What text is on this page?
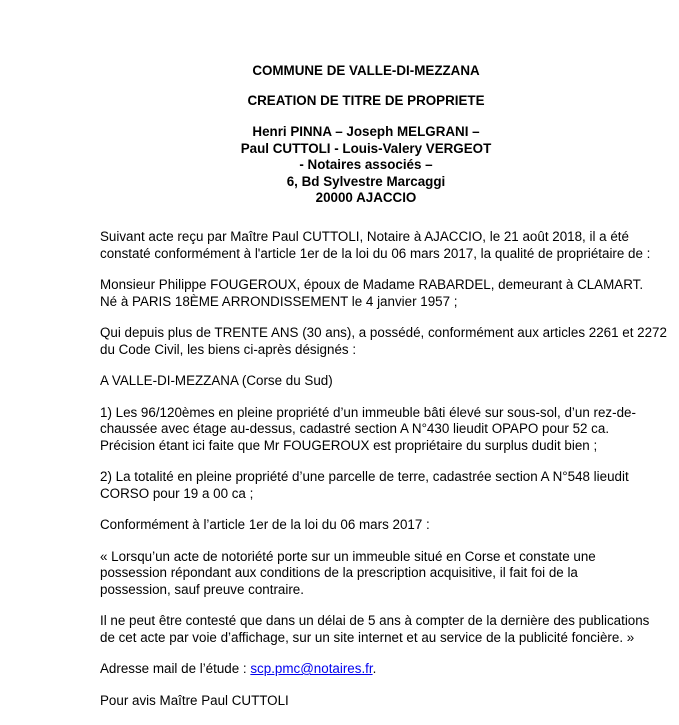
COMMUNE DE VALLE-DI-MEZZANA
CREATION DE TITRE DE PROPRIETE
Henri PINNA – Joseph MELGRANI –
Paul CUTTOLI - Louis-Valery VERGEOT
- Notaires associés –
6, Bd Sylvestre Marcaggi
20000 AJACCIO

Suivant acte reçu par Maître Paul CUTTOLI, Notaire à AJACCIO, le 21 août 2018, il a été
constaté conformément à l'article 1er de la loi du 06 mars 2017, la qualité de propriétaire de :

Monsieur Philippe FOUGEROUX, époux de Madame RABARDEL, demeurant à CLAMART.
Né à PARIS 18ÈME ARRONDISSEMENT le 4 janvier 1957 ;

Qui depuis plus de TRENTE ANS (30 ans), a possédé, conformément aux articles 2261 et 2272
du Code Civil, les biens ci-après désignés :

A VALLE-DI-MEZZANA (Corse du Sud)

1) Les 96/120èmes en pleine propriété d’un immeuble bâti élevé sur sous-sol, d’un rez-de-
chaussée avec étage au-dessus, cadastré section A N°430 lieudit OPAPO pour 52 ca.
Précision étant ici faite que Mr FOUGEROUX est propriétaire du surplus dudit bien ;

2) La totalité en pleine propriété d’une parcelle de terre, cadastrée section A N°548 lieudit
CORSO pour 19 a 00 ca ;

Conformément à l’article 1er de la loi du 06 mars 2017 :

« Lorsqu’un acte de notoriété porte sur un immeuble situé en Corse et constate une
possession répondant aux conditions de la prescription acquisitive, il fait foi de la
possession, sauf preuve contraire.

Il ne peut être contesté que dans un délai de 5 ans à compter de la dernière des publications
de cet acte par voie d’affichage, sur un site internet et au service de la publicité foncière. »

Adresse mail de l’étude : scp.pmc@notaires.fr.

Pour avis Maître Paul CUTTOLI
